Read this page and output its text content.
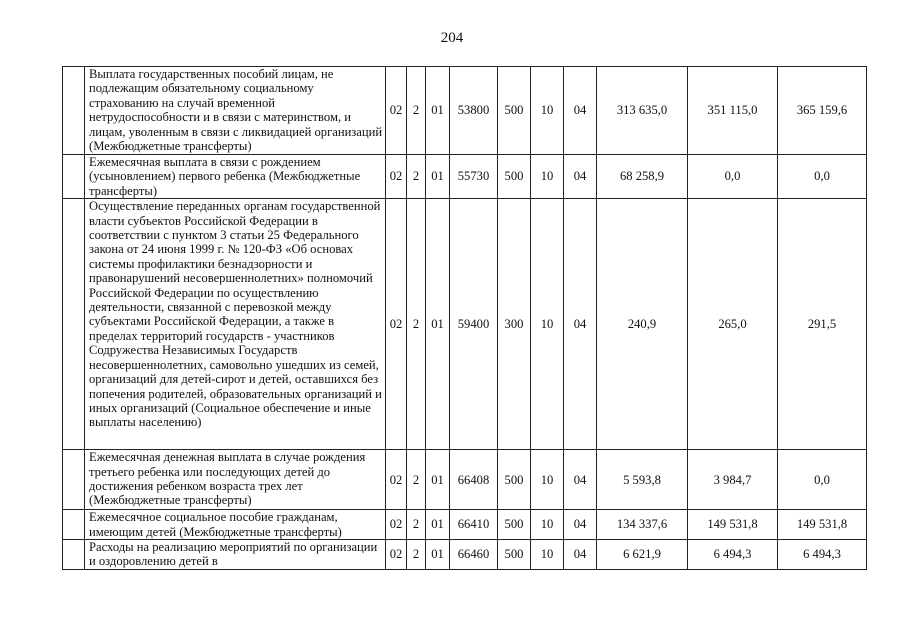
204
	Выплата государственных пособий лицам, не подлежащим обязательному социальному страхованию на случай временной нетрудоспособности и в связи с материнством, и лицам, уволенным в связи с ликвидацией организаций (Межбюджетные трансферты)	02	2	01	53800	500	10	04	313 635,0	351 115,0	365 159,6
	Ежемесячная выплата в связи с рождением (усыновлением) первого ребенка (Межбюджетные трансферты)	02	2	01	55730	500	10	04	68 258,9	0,0	0,0
	Осуществление переданных органам государственной власти субъектов Российской Федерации в соответствии с пунктом 3 статьи 25 Федерального закона от 24 июня 1999 г. № 120-ФЗ «Об основах системы профилактики безнадзорности и правонарушений несовершеннолетних» полномочий Российской Федерации по осуществлению деятельности, связанной с перевозкой между субъектами Российской Федерации, а также в пределах территорий государств - участников Содружества Независимых Государств несовершеннолетних, самовольно ушедших из семей, организаций для детей-сирот и детей, оставшихся без попечения родителей, образовательных организаций и иных организаций (Социальное обеспечение и иные выплаты населению)	02	2	01	59400	300	10	04	240,9	265,0	291,5
	Ежемесячная денежная выплата в случае рождения третьего ребенка или последующих детей до достижения ребенком возраста трех лет (Межбюджетные трансферты)	02	2	01	66408	500	10	04	5 593,8	3 984,7	0,0
	Ежемесячное социальное пособие гражданам, имеющим детей (Межбюджетные трансферты)	02	2	01	66410	500	10	04	134 337,6	149 531,8	149 531,8
	Расходы на реализацию мероприятий по организации и оздоровлению детей в	02	2	01	66460	500	10	04	6 621,9	6 494,3	6 494,3
